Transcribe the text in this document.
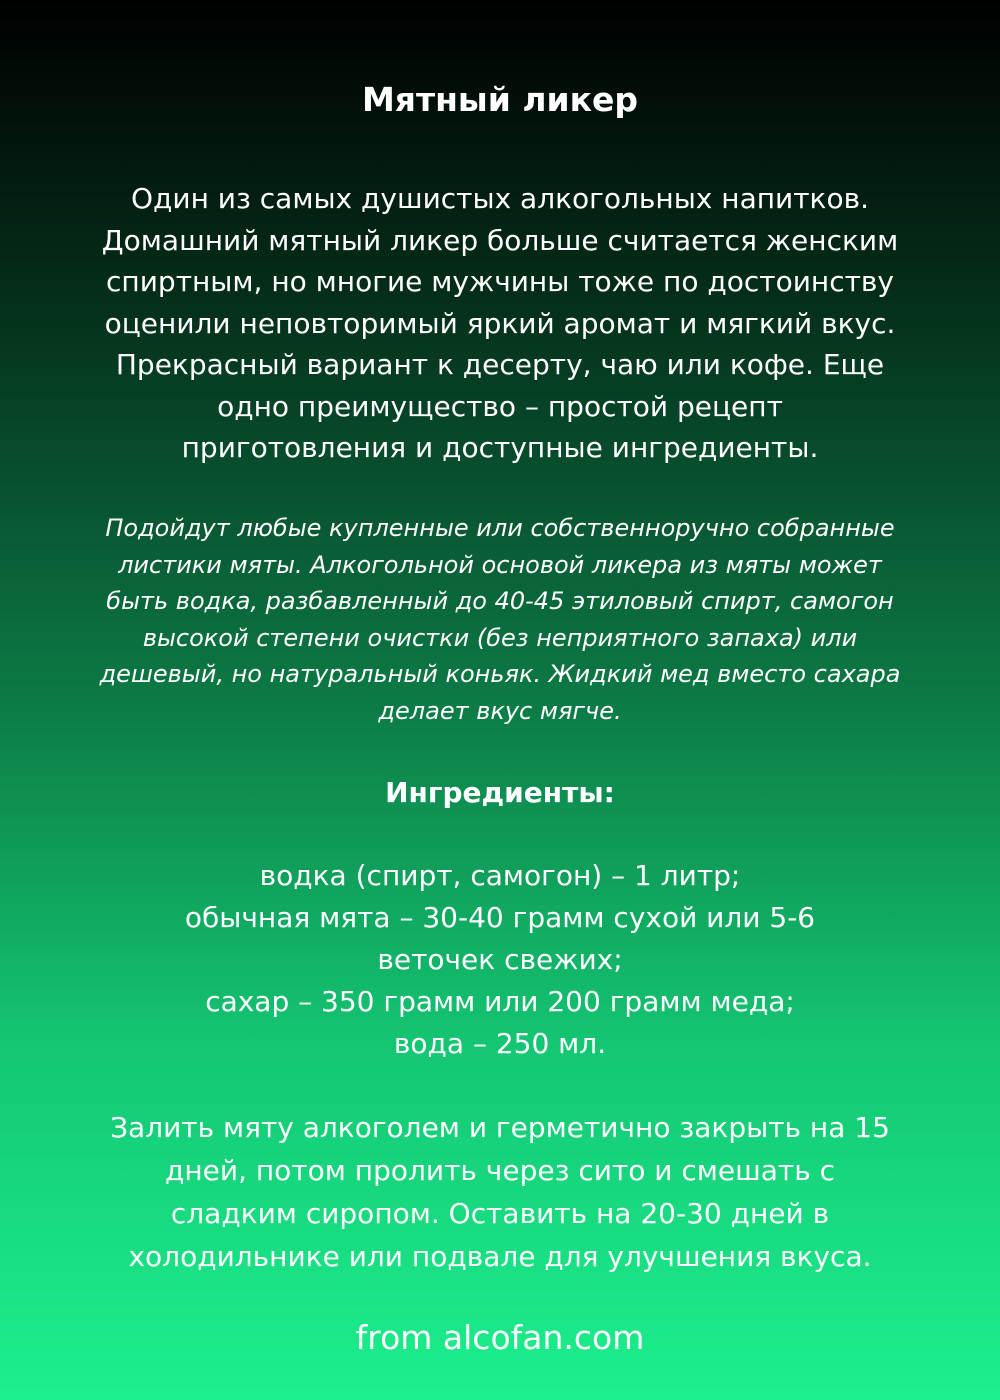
Мятный ликер

Один из самых душистых алкогольных напитков.
Домашний мятный ликер больше считается женским
спиртным, но многие мужчины тоже по достоинству
оценили неповторимый яркий аромат и мягкий вкус.
Прекрасный вариант к десерту, чаю или кофе. Еще
одно преимущество – простой рецепт
приготовления и доступные ингредиенты.

Подойдут любые купленные или собственноручно собранные
листики мяты. Алкогольной основой ликера из мяты может
быть водка, разбавленный до 40-45 этиловый спирт, самогон
высокой степени очистки (без неприятного запаха) или
дешевый, но натуральный коньяк. Жидкий мед вместо сахара
делает вкус мягче.

Ингредиенты:
водка (спирт, самогон) – 1 литр;
обычная мята – 30-40 грамм сухой или 5-6
веточек свежих;
сахар – 350 грамм или 200 грамм меда;
вода – 250 мл.

Залить мяту алкоголем и герметично закрыть на 15
дней, потом пролить через сито и смешать с
сладким сиропом. Оставить на 20-30 дней в
холодильнике или подвале для улучшения вкуса.

from alcofan.com
